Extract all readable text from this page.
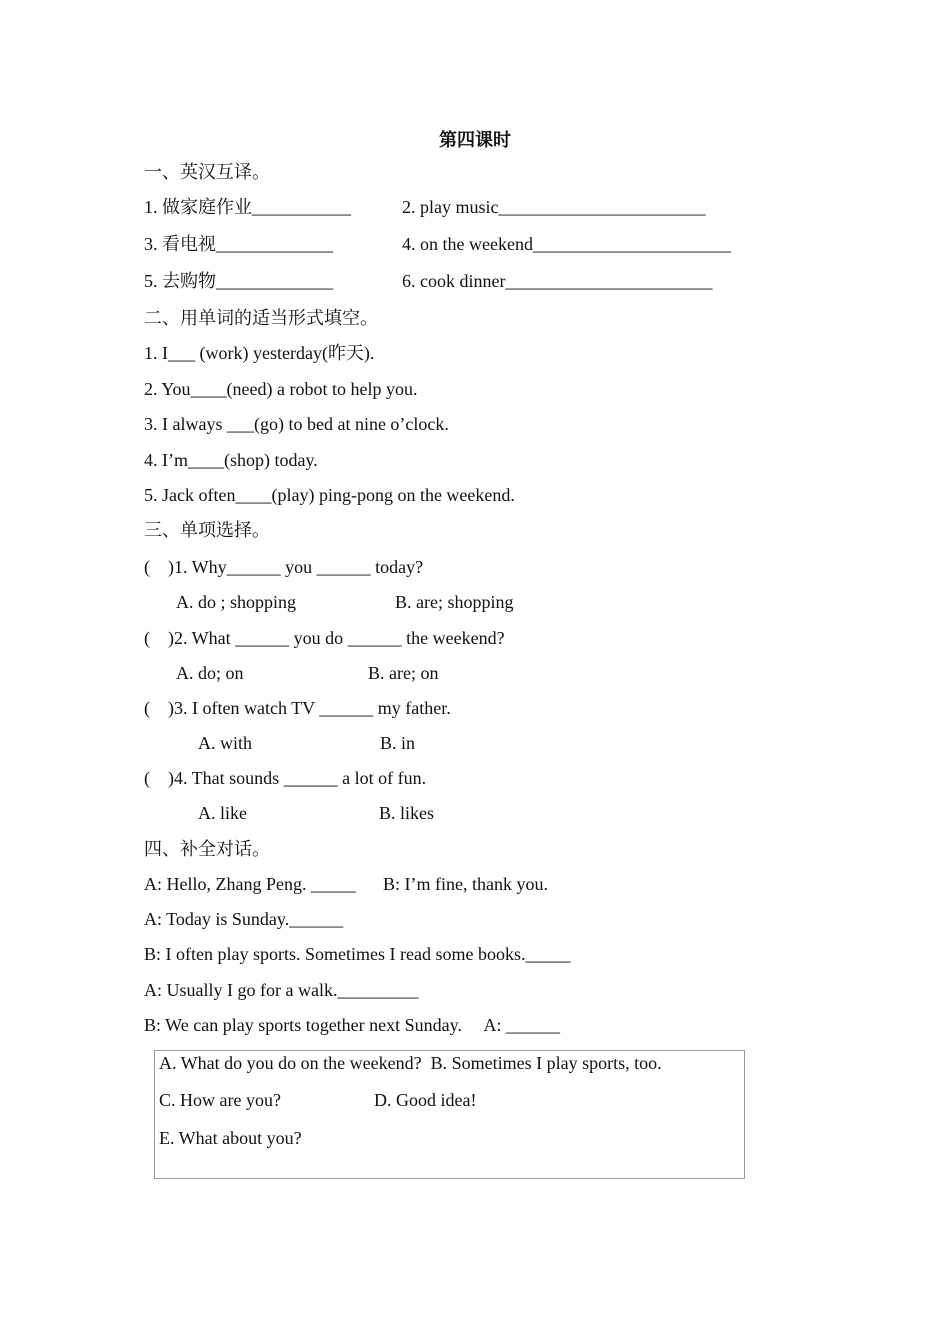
第四课时
一、英汉互译。
1. 做家庭作业___________	2. play music_______________________
3. 看电视_____________	4. on the weekend______________________
5. 去购物_____________	6. cook dinner_______________________
二、用单词的适当形式填空。
1. I___ (work) yesterday(昨天).
2. You____(need) a robot to help you.
3. I always ___(go) to bed at nine o’clock.
4. I’m____(shop) today.
5. Jack often____(play) ping-pong on the weekend.
三、单项选择。
(    )1. Why______ you ______ today?
A. do ; shopping	B. are; shopping
(    )2. What ______ you do ______ the weekend?
A. do; on	B. are; on
(    )3. I often watch TV ______ my father.
A. with	B. in
(    )4. That sounds ______ a lot of fun.
A. like	B. likes
四、补全对话。
A: Hello, Zhang Peng. _____      B: I’m fine, thank you.
A: Today is Sunday.______
B: I often play sports. Sometimes I read some books._____
A: Usually I go for a walk._________
B: We can play sports together next Sunday.     A: ______
A. What do you do on the weekend?  B. Sometimes I play sports, too.
C. How are you?	D. Good idea!
E. What about you?
